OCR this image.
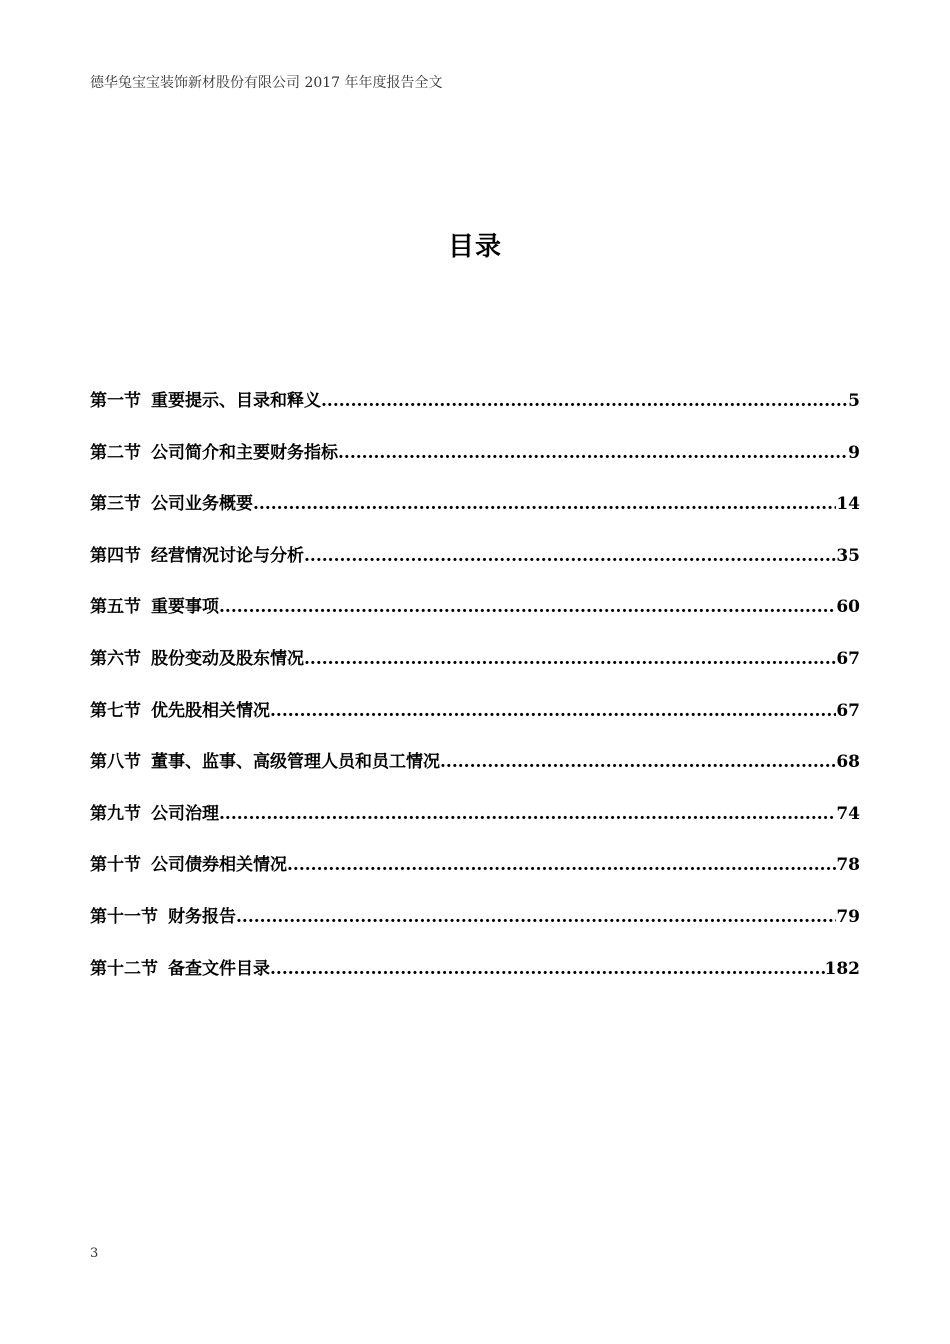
德华兔宝宝装饰新材股份有限公司 2017 年年度报告全文
目录
第一节 重要提示、目录和释义 .....	5
第二节 公司简介和主要财务指标 .....	9
第三节 公司业务概要 .....	14
第四节 经营情况讨论与分析 .....	35
第五节 重要事项 .....	60
第六节 股份变动及股东情况 .....	67
第七节 优先股相关情况 .....	67
第八节 董事、监事、高级管理人员和员工情况 .....	68
第九节 公司治理 .....	74
第十节 公司债券相关情况 .....	78
第十一节 财务报告 .....	79
第十二节 备查文件目录 .....	182
3
